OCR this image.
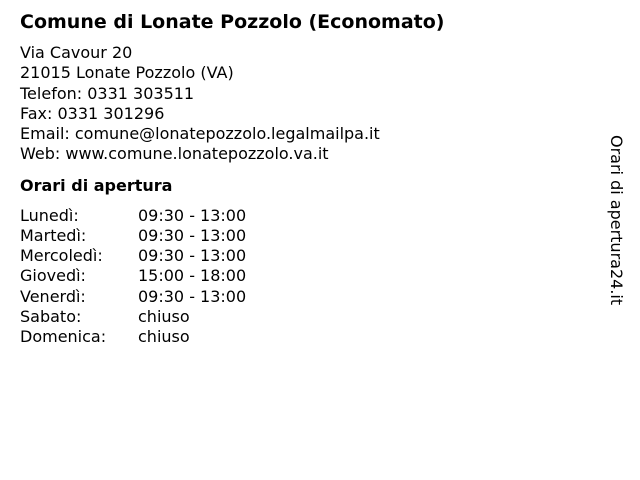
Comune di Lonate Pozzolo (Economato)
Via Cavour 20
21015 Lonate Pozzolo (VA)
Telefon: 0331 303511
Fax: 0331 301296
Email: comune@lonatepozzolo.legalmailpa.it
Web: www.comune.lonatepozzolo.va.it
Orari di apertura
Lunedì:	09:30 - 13:00
Martedì:	09:30 - 13:00
Mercoledì:	09:30 - 13:00
Giovedì:	15:00 - 18:00
Venerdì:	09:30 - 13:00
Sabato:	chiuso
Domenica:	chiuso
Orari di apertura24.it
